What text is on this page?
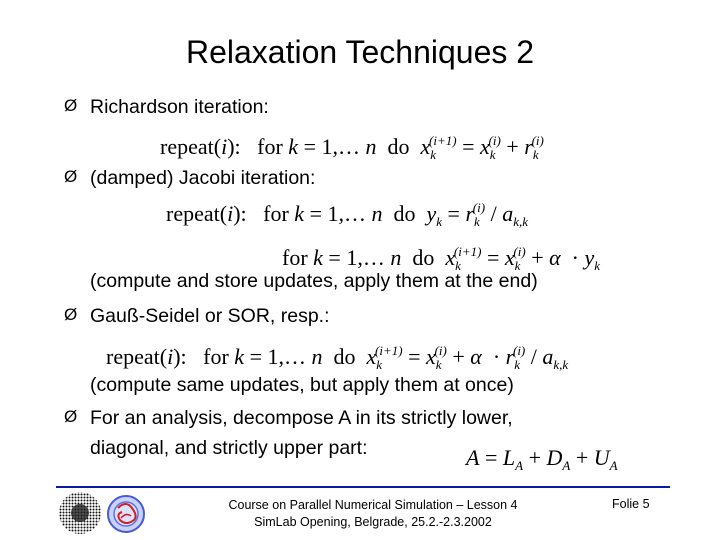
Relaxation Techniques 2
Ø Richardson iteration:
repeat(i): for k = 1,… n do $x_k^{(i+1)} = x_k^{(i)} + r_k^{(i)}$
Ø (damped) Jacobi iteration:
repeat(i): for k = 1,… n do $y_k = r_k^{(i)} / a_{k,k}$
for k = 1,… n do $x_k^{(i+1)} = x_k^{(i)} + \alpha \cdot y_k$
(compute and store updates, apply them at the end)
Ø Gauß-Seidel or SOR, resp.:
repeat(i): for k = 1,… n do $x_k^{(i+1)} = x_k^{(i)} + \alpha \cdot r_k^{(i)} / a_{k,k}$
(compute same updates, but apply them at once)
Ø For an analysis, decompose A in its strictly lower,
diagonal, and strictly upper part:	$A = L_A + D_A + U_A$
Course on Parallel Numerical Simulation – Lesson 4
SimLab Opening, Belgrade, 25.2.-2.3.2002
Folie 5
